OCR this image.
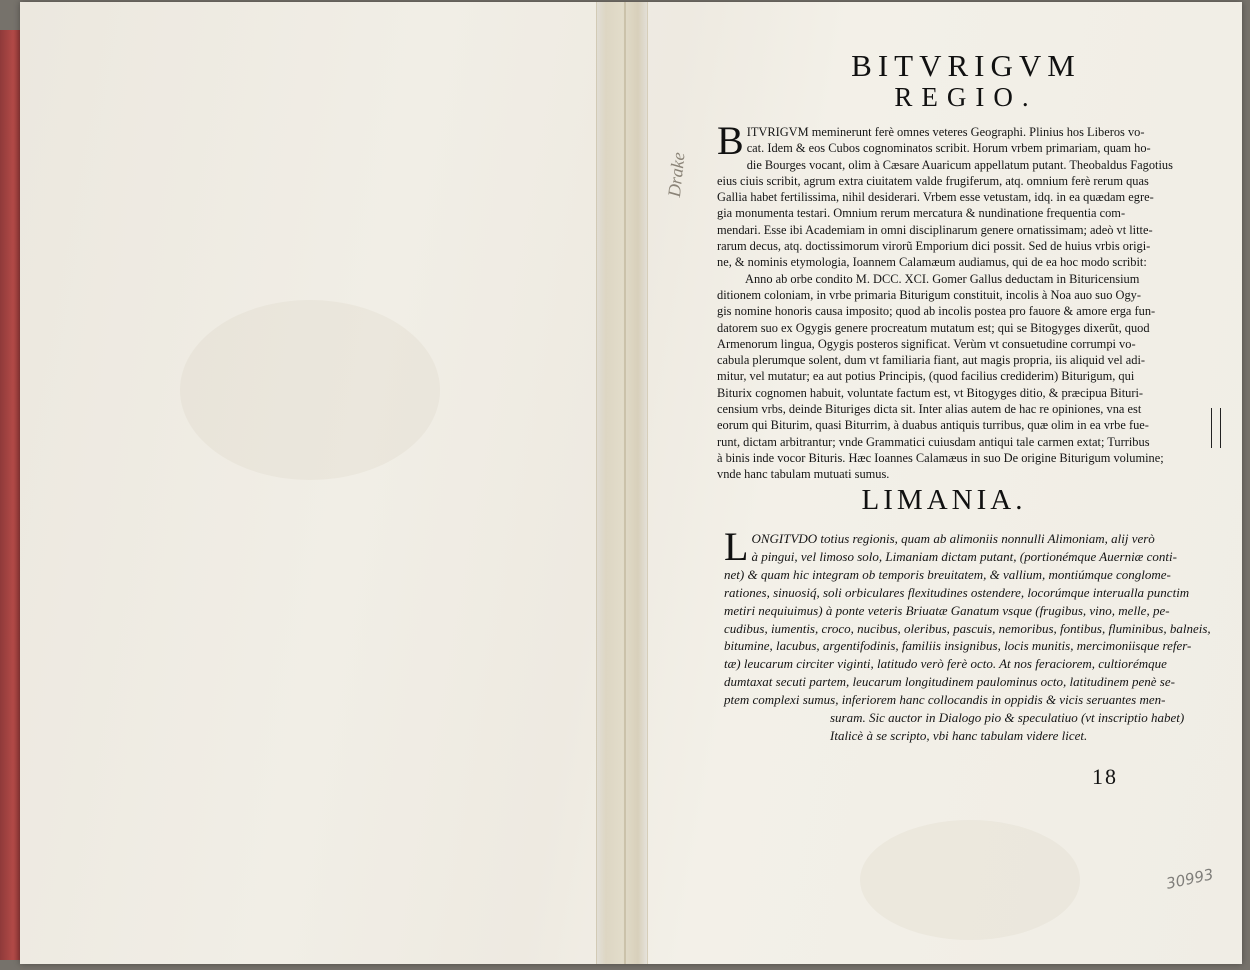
Drake
BITVRIGVM
REGIO.
B ITVRIGVM meminerunt ferè omnes veteres Geographi. Plinius hos Liberos vo-
cat. Idem & eos Cubos cognominatos scribit. Horum vrbem primariam, quam ho-
die Bourges vocant, olim à Cæsare Auaricum appellatum putant. Theobaldus Fagotius
eius ciuis scribit, agrum extra ciuitatem valde frugiferum, atq. omnium ferè rerum quas
Gallia habet fertilissima, nihil desiderari. Vrbem esse vetustam, idq. in ea quædam egre-
gia monumenta testari. Omnium rerum mercatura & nundinatione frequentia com-
mendari. Esse ibi Academiam in omni disciplinarum genere ornatissimam; adeò vt litte-
rarum decus, atq. doctissimorum virorũ Emporium dici possit. Sed de huius vrbis origi-
ne, & nominis etymologia, Ioannem Calamæum audiamus, qui de ea hoc modo scribit:
Anno ab orbe condito M. DCC. XCI. Gomer Gallus deductam in Bituricensium
ditionem coloniam, in vrbe primaria Biturigum constituit, incolis à Noa auo suo Ogy-
gis nomine honoris causa imposito; quod ab incolis postea pro fauore & amore erga fun-
datorem suo ex Ogygis genere procreatum mutatum est; qui se Bitogyges dixerũt, quod
Armenorum lingua, Ogygis posteros significat. Verùm vt consuetudine corrumpi vo-
cabula plerumque solent, dum vt familiaria fiant, aut magis propria, iis aliquid vel adi-
mitur, vel mutatur; ea aut potius Principis, (quod facilius crediderim) Biturigum, qui
Biturix cognomen habuit, voluntate factum est, vt Bitogyges ditio, & præcipua Bituri-
censium vrbs, deinde Bituriges dicta sit. Inter alias autem de hac re opiniones, vna est
eorum qui Biturim, quasi Biturrim, à duabus antiquis turribus, quæ olim in ea vrbe fue-
runt, dictam arbitrantur; vnde Grammatici cuiusdam antiqui tale carmen extat; Turribus
à binis inde vocor Bituris. Hæc Ioannes Calamæus in suo De origine Biturigum volumine;
vnde hanc tabulam mutuati sumus.
LIMANIA.
L ONGITVDO totius regionis, quam ab alimoniis nonnulli Alimoniam, alij verò
à pingui, vel limoso solo, Limaniam dictam putant, (portionémque Auerniæ conti-
net) & quam hic integram ob temporis breuitatem, & vallium, montiúmque conglome-
rationes, sinuosiq́, soli orbiculares flexitudines ostendere, locorúmque interualla punctim
metiri nequiuimus) à ponte veteris Briuatæ Ganatum vsque (frugibus, vino, melle, pe-
cudibus, iumentis, croco, nucibus, oleribus, pascuis, nemoribus, fontibus, fluminibus, balneis,
bitumine, lacubus, argentifodinis, familiis insignibus, locis munitis, mercimoniisque refer-
tæ) leucarum circiter viginti, latitudo verò ferè octo. At nos feraciorem, cultiorémque
dumtaxat secuti partem, leucarum longitudinem paulominus octo, latitudinem penè se-
ptem complexi sumus, inferiorem hanc collocandis in oppidis & vicis seruantes men-
suram. Sic auctor in Dialogo pio & speculatiuo (vt inscriptio habet)
Italicè à se scripto, vbi hanc tabulam videre licet.
18
30993
